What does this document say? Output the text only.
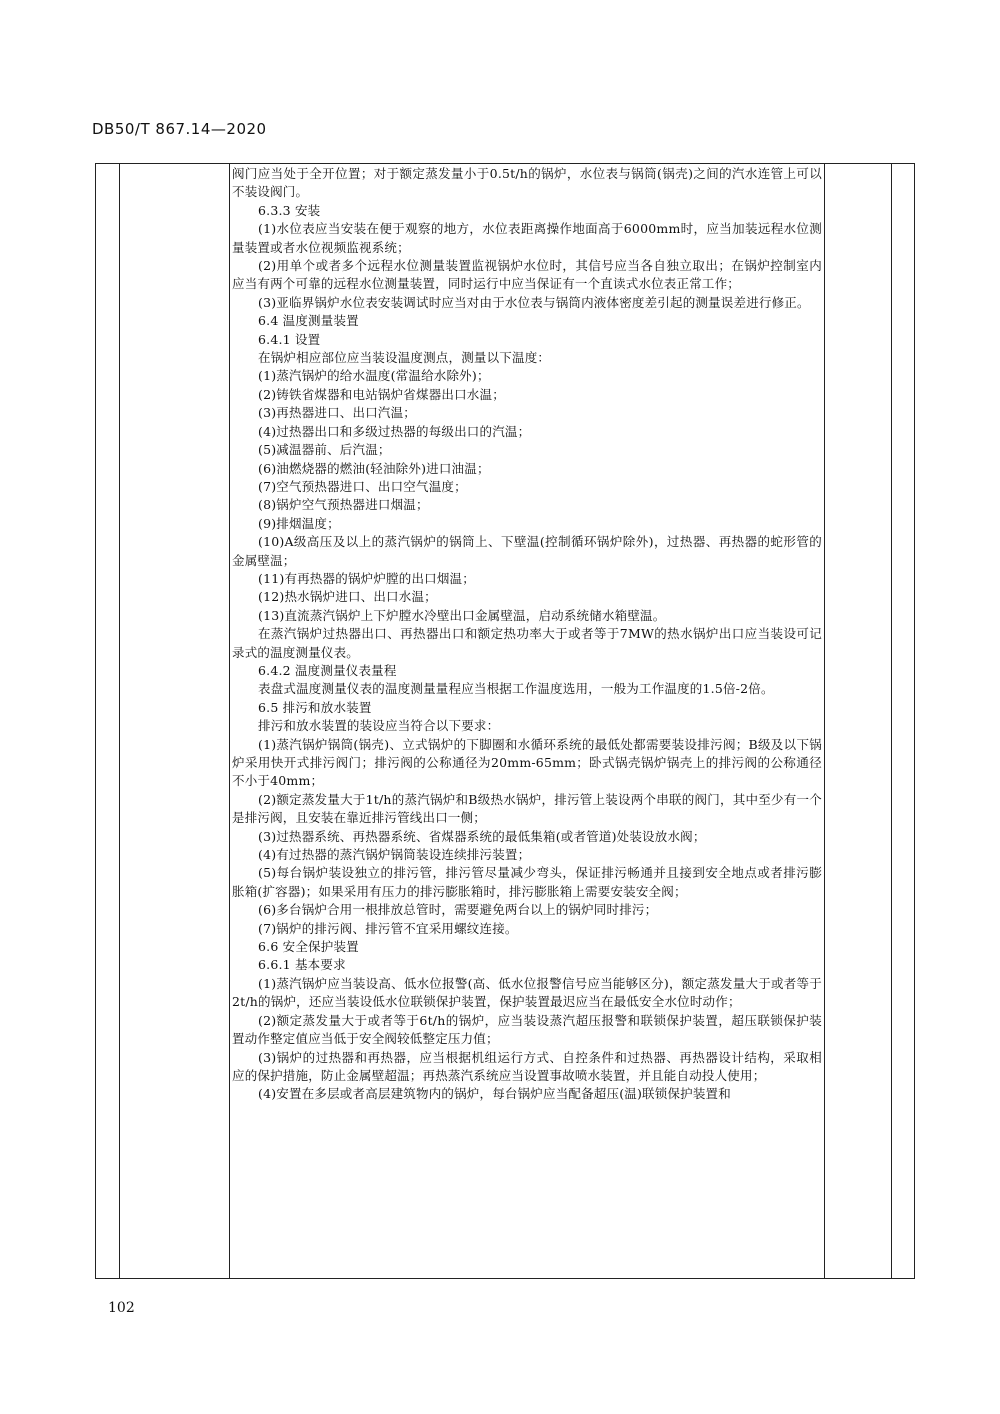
DB50/T 867.14—2020

阀门应当处于全开位置；对于额定蒸发量小于0.5t/h的锅炉，水位表与锅筒(锅壳)之间的汽水连管上可以不装设阀门。

6.3.3 安装

(1)水位表应当安装在便于观察的地方，水位表距离操作地面高于6000mm时，应当加装远程水位测量装置或者水位视频监视系统；

(2)用单个或者多个远程水位测量装置监视锅炉水位时，其信号应当各自独立取出；在锅炉控制室内应当有两个可靠的远程水位测量装置，同时运行中应当保证有一个直读式水位表正常工作；

(3)亚临界锅炉水位表安装调试时应当对由于水位表与锅筒内液体密度差引起的测量误差进行修正。

6.4 温度测量装置

6.4.1 设置

在锅炉相应部位应当装设温度测点，测量以下温度：

(1)蒸汽锅炉的给水温度(常温给水除外)；

(2)铸铁省煤器和电站锅炉省煤器出口水温；

(3)再热器进口、出口汽温；

(4)过热器出口和多级过热器的每级出口的汽温；

(5)减温器前、后汽温；

(6)油燃烧器的燃油(轻油除外)进口油温；

(7)空气预热器进口、出口空气温度；

(8)锅炉空气预热器进口烟温；

(9)排烟温度；

(10)A级高压及以上的蒸汽锅炉的锅筒上、下壁温(控制循环锅炉除外)，过热器、再热器的蛇形管的金属壁温；

(11)有再热器的锅炉炉膛的出口烟温；

(12)热水锅炉进口、出口水温；

(13)直流蒸汽锅炉上下炉膛水冷壁出口金属壁温，启动系统储水箱壁温。

在蒸汽锅炉过热器出口、再热器出口和额定热功率大于或者等于7MW的热水锅炉出口应当装设可记录式的温度测量仪表。

6.4.2 温度测量仪表量程

表盘式温度测量仪表的温度测量量程应当根据工作温度选用，一般为工作温度的1.5倍-2倍。

6.5 排污和放水装置

排污和放水装置的装设应当符合以下要求：

(1)蒸汽锅炉锅筒(锅壳)、立式锅炉的下脚圈和水循环系统的最低处都需要装设排污阀；B级及以下锅炉采用快开式排污阀门；排污阀的公称通径为20mm-65mm；卧式锅壳锅炉锅壳上的排污阀的公称通径不小于40mm；

(2)额定蒸发量大于1t/h的蒸汽锅炉和B级热水锅炉，排污管上装设两个串联的阀门，其中至少有一个是排污阀，且安装在靠近排污管线出口一侧；

(3)过热器系统、再热器系统、省煤器系统的最低集箱(或者管道)处装设放水阀；

(4)有过热器的蒸汽锅炉锅筒装设连续排污装置；

(5)每台锅炉装设独立的排污管，排污管尽量减少弯头，保证排污畅通并且接到安全地点或者排污膨胀箱(扩容器)；如果采用有压力的排污膨胀箱时，排污膨胀箱上需要安装安全阀；

(6)多台锅炉合用一根排放总管时，需要避免两台以上的锅炉同时排污；

(7)锅炉的排污阀、排污管不宜采用螺纹连接。

6.6 安全保护装置

6.6.1 基本要求

(1)蒸汽锅炉应当装设高、低水位报警(高、低水位报警信号应当能够区分)，额定蒸发量大于或者等于2t/h的锅炉，还应当装设低水位联锁保护装置，保护装置最迟应当在最低安全水位时动作；

(2)额定蒸发量大于或者等于6t/h的锅炉，应当装设蒸汽超压报警和联锁保护装置，超压联锁保护装置动作整定值应当低于安全阀较低整定压力值；

(3)锅炉的过热器和再热器，应当根据机组运行方式、自控条件和过热器、再热器设计结构，采取相应的保护措施，防止金属壁超温；再热蒸汽系统应当设置事故喷水装置，并且能自动投人使用；

(4)安置在多层或者高层建筑物内的锅炉，每台锅炉应当配备超压(温)联锁保护装置和

102
